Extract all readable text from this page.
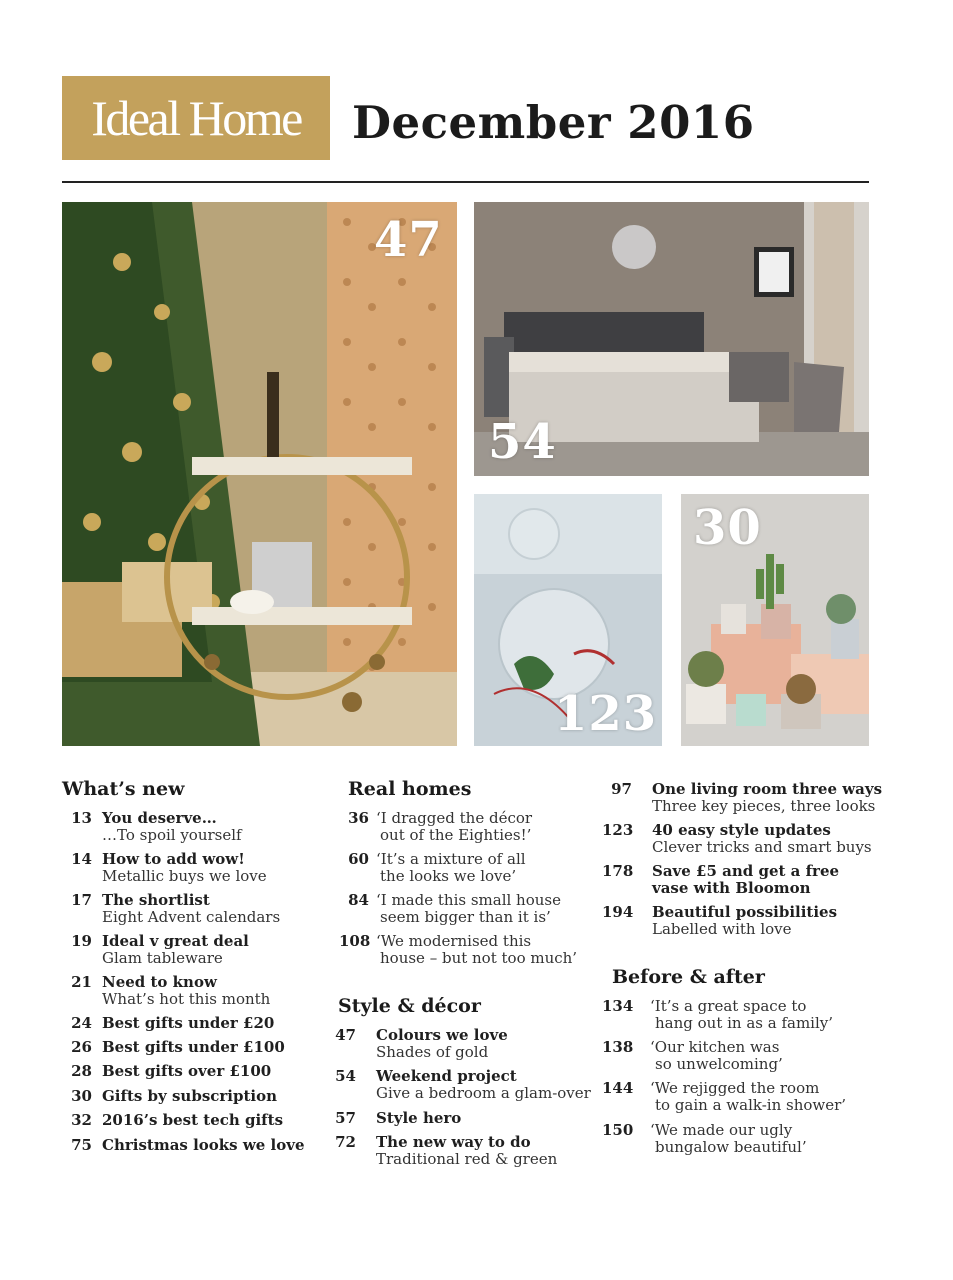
Ideal Home	December 2016
47
54
123
30
What’s new
13 You deserve…
…To spoil yourself
14 How to add wow!
Metallic buys we love
17 The shortlist
Eight Advent calendars
19 Ideal v great deal
Glam tableware
21 Need to know
What’s hot this month
24 Best gifts under £20
26 Best gifts under £100
28 Best gifts over £100
30 Gifts by subscription
32 2016’s best tech gifts
75 Christmas looks we love
Real homes
36 ‘I dragged the décor
out of the Eighties!’
60 ‘It’s a mixture of all
the looks we love’
84 ‘I made this small house
seem bigger than it is’
108 ‘We modernised this
house – but not too much’
Style & décor
47 Colours we love
Shades of gold
54 Weekend project
Give a bedroom a glam-over
57 Style hero
72 The new way to do
Traditional red & green
97 One living room three ways
Three key pieces, three looks
123 40 easy style updates
Clever tricks and smart buys
178 Save £5 and get a free
vase with Bloomon
194 Beautiful possibilities
Labelled with love
Before & after
134 ‘It’s a great space to
hang out in as a family’
138 ‘Our kitchen was
so unwelcoming’
144 ‘We rejigged the room
to gain a walk-in shower’
150 ‘We made our ugly
bungalow beautiful’
